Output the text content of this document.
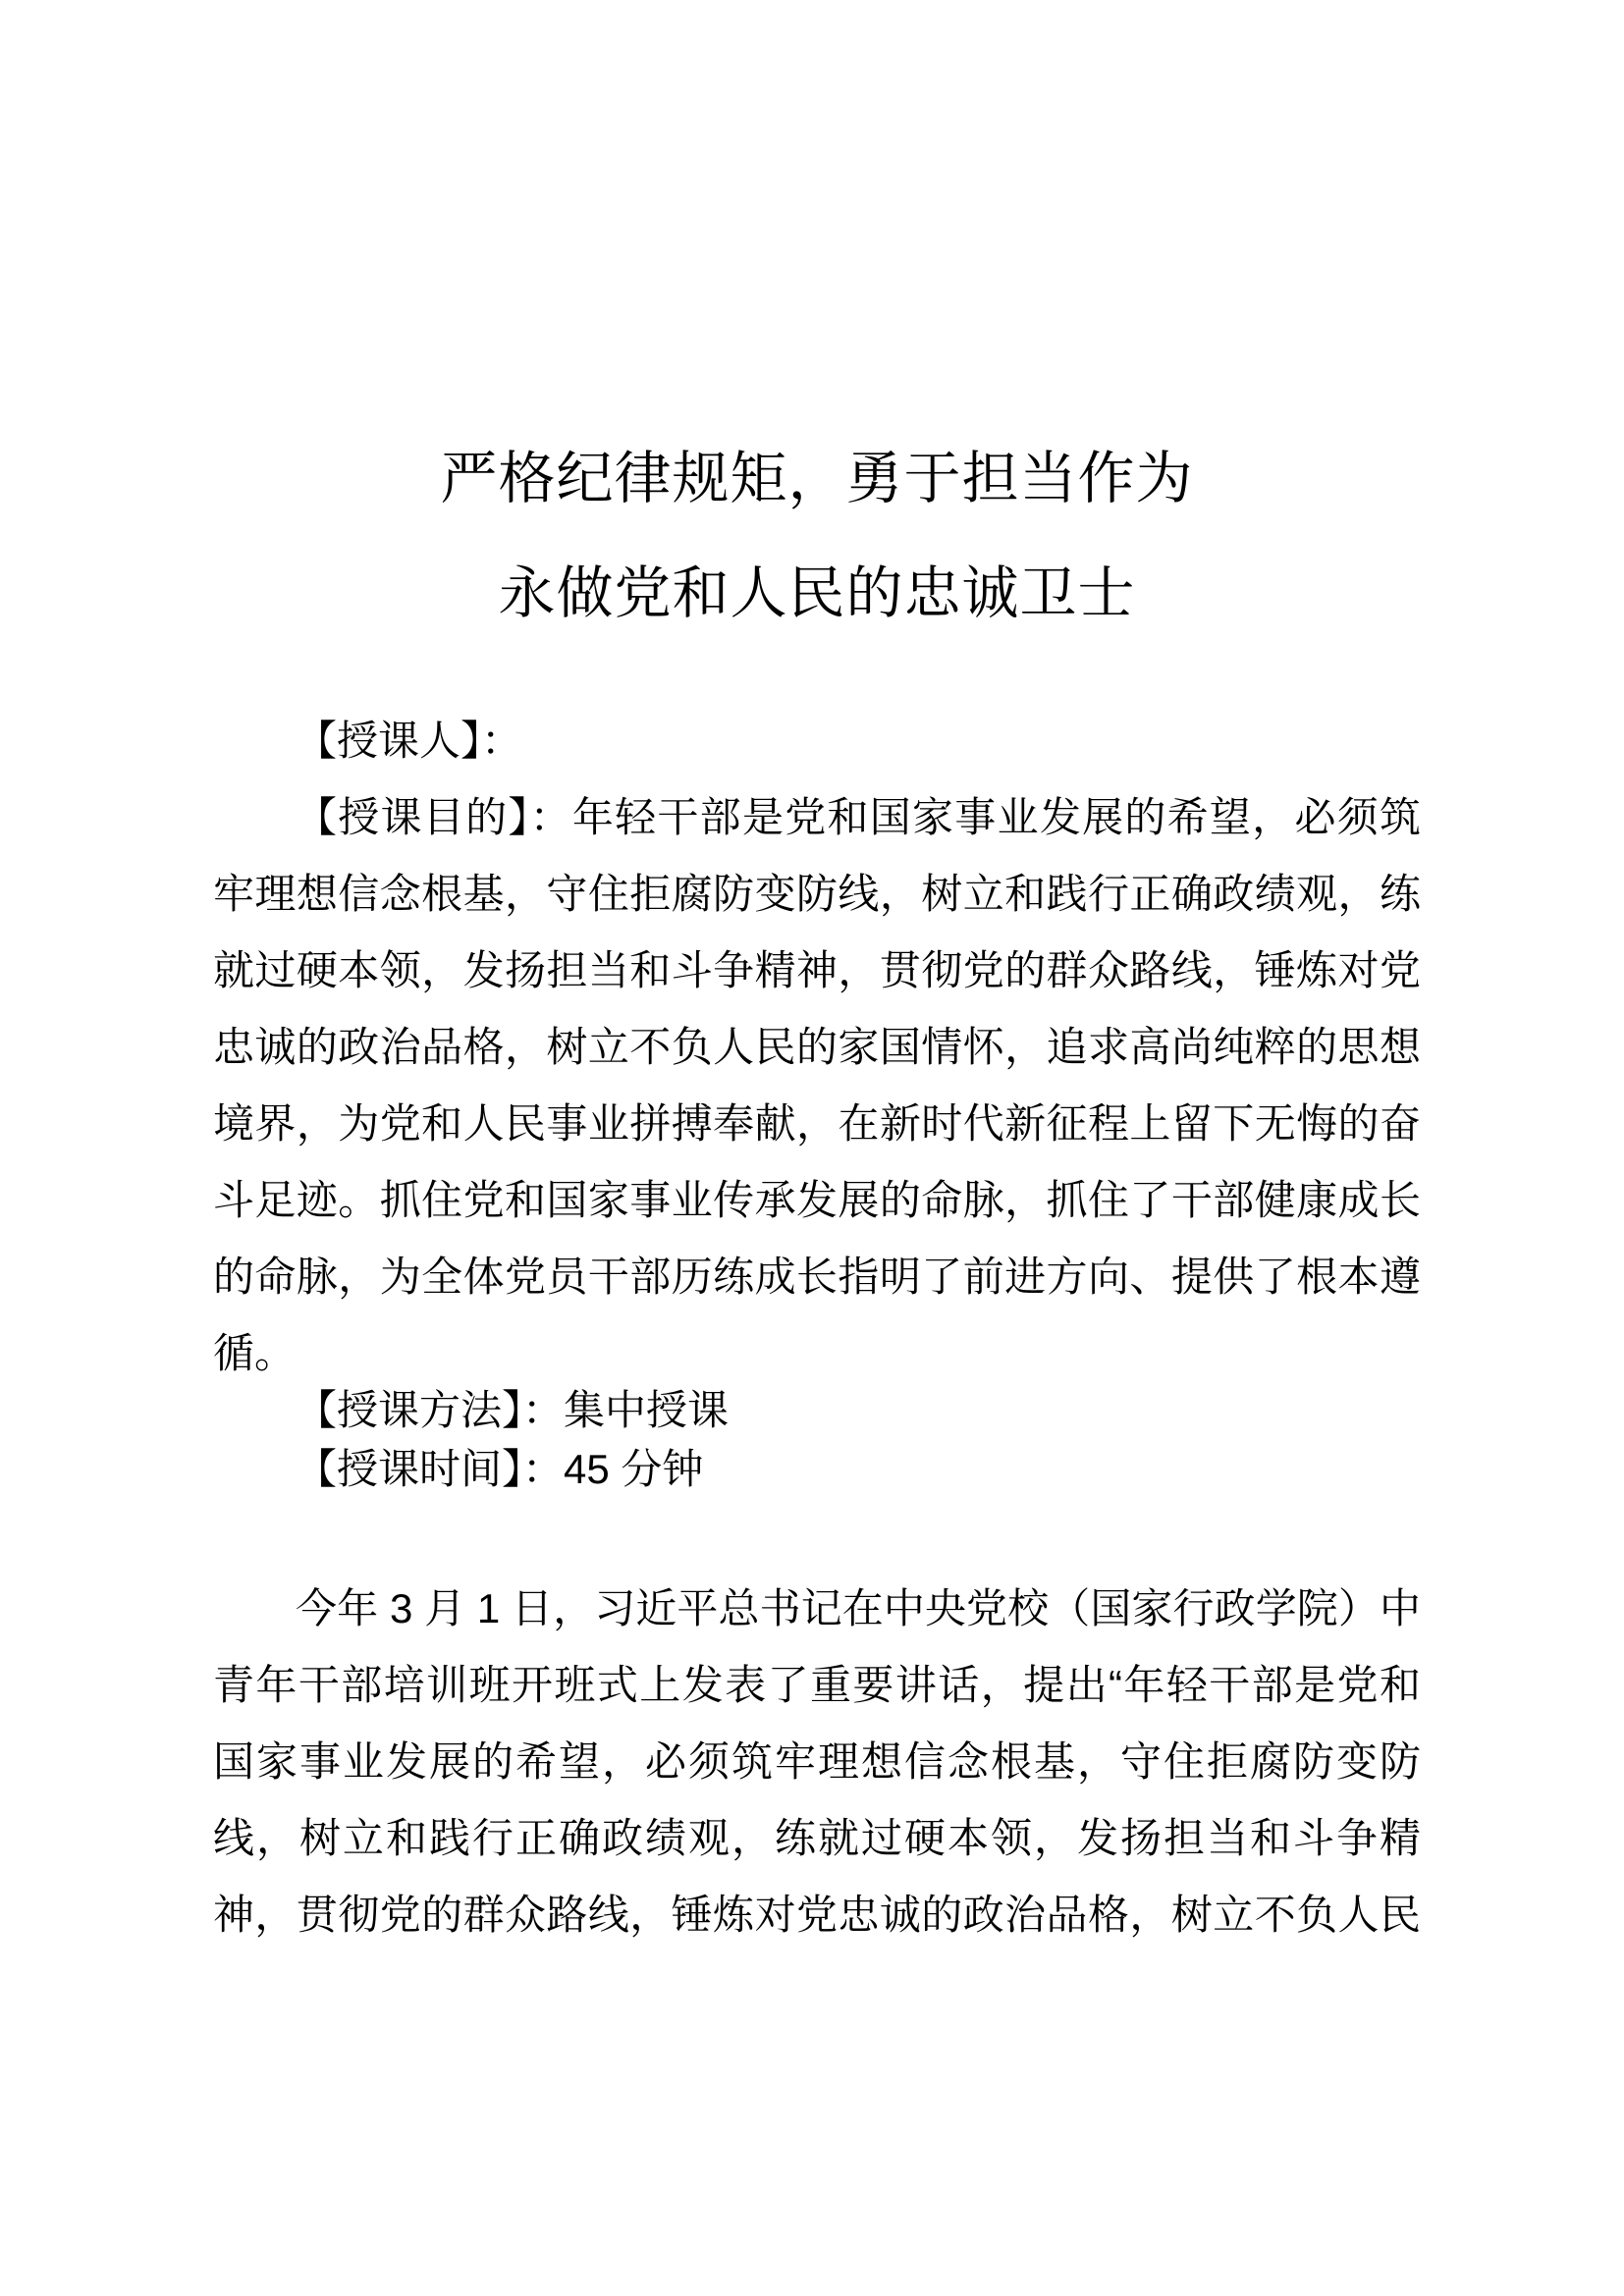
严格纪律规矩，勇于担当作为
永做党和人民的忠诚卫士
【授课人】：
【授课目的】：年轻干部是党和国家事业发展的希望，必须筑
牢理想信念根基，守住拒腐防变防线，树立和践行正确政绩观，练
就过硬本领，发扬担当和斗争精神，贯彻党的群众路线，锤炼对党
忠诚的政治品格，树立不负人民的家国情怀，追求高尚纯粹的思想
境界，为党和人民事业拼搏奉献，在新时代新征程上留下无悔的奋
斗足迹。抓住党和国家事业传承发展的命脉，抓住了干部健康成长
的命脉，为全体党员干部历练成长指明了前进方向、提供了根本遵
循。
【授课方法】：集中授课
【授课时间】：45 分钟
今年 3 月 1 日，习近平总书记在中央党校（国家行政学院）中
青年干部培训班开班式上发表了重要讲话，提出“年轻干部是党和
国家事业发展的希望，必须筑牢理想信念根基，守住拒腐防变防
线，树立和践行正确政绩观，练就过硬本领，发扬担当和斗争精
神，贯彻党的群众路线，锤炼对党忠诚的政治品格，树立不负人民
